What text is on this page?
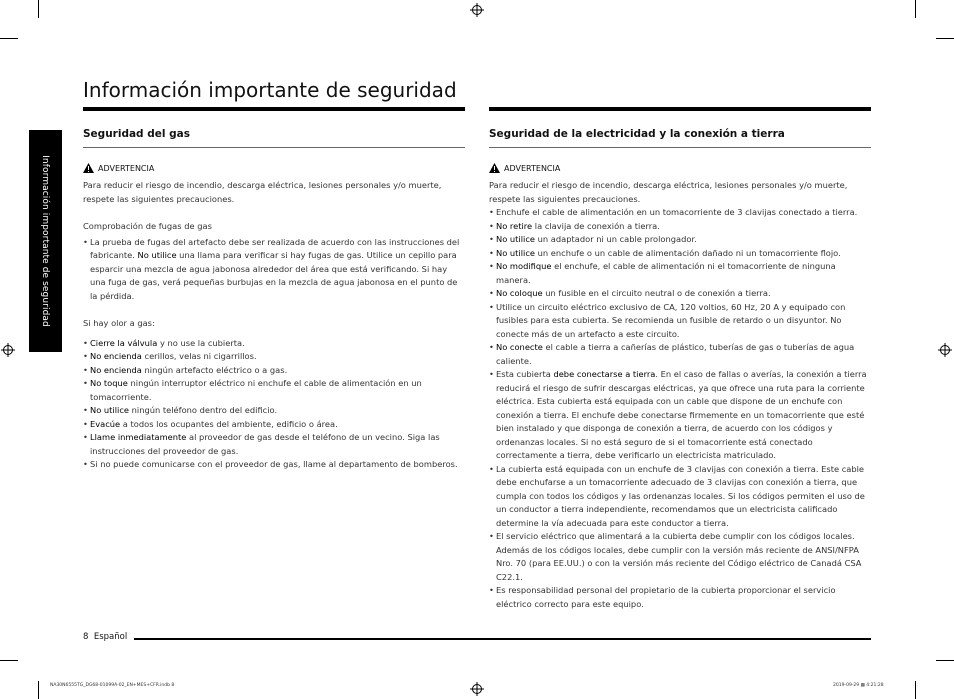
Información importante de seguridad
Información importante de seguridad
Seguridad del gas
ADVERTENCIA

Para reducir el riesgo de incendio, descarga eléctrica, lesiones personales y/o muerte, respete las siguientes precauciones.

Comprobación de fugas de gas
• La prueba de fugas del artefacto debe ser realizada de acuerdo con las instrucciones del fabricante. No utilice una llama para verificar si hay fugas de gas. Utilice un cepillo para esparcir una mezcla de agua jabonosa alrededor del área que está verificando. Si hay una fuga de gas, verá pequeñas burbujas en la mezcla de agua jabonosa en el punto de la pérdida.
Si hay olor a gas:
• Cierre la válvula y no use la cubierta.
• No encienda cerillos, velas ni cigarrillos.
• No encienda ningún artefacto eléctrico o a gas.
• No toque ningún interruptor eléctrico ni enchufe el cable de alimentación en un tomacorriente.
• No utilice ningún teléfono dentro del edificio.
• Evacúe a todos los ocupantes del ambiente, edificio o área.
• Llame inmediatamente al proveedor de gas desde el teléfono de un vecino. Siga las instrucciones del proveedor de gas.
• Si no puede comunicarse con el proveedor de gas, llame al departamento de bomberos.
Seguridad de la electricidad y la conexión a tierra
ADVERTENCIA

Para reducir el riesgo de incendio, descarga eléctrica, lesiones personales y/o muerte, respete las siguientes precauciones.

• Enchufe el cable de alimentación en un tomacorriente de 3 clavijas conectado a tierra.
• No retire la clavija de conexión a tierra.
• No utilice un adaptador ni un cable prolongador.
• No utilice un enchufe o un cable de alimentación dañado ni un tomacorriente flojo.
• No modifique el enchufe, el cable de alimentación ni el tomacorriente de ninguna manera.
• No coloque un fusible en el circuito neutral o de conexión a tierra.
• Utilice un circuito eléctrico exclusivo de CA, 120 voltios, 60 Hz, 20 A y equipado con fusibles para esta cubierta. Se recomienda un fusible de retardo o un disyuntor. No conecte más de un artefacto a este circuito.
• No conecte el cable a tierra a cañerías de plástico, tuberías de gas o tuberías de agua caliente.
• Esta cubierta debe conectarse a tierra. En el caso de fallas o averías, la conexión a tierra reducirá el riesgo de sufrir descargas eléctricas, ya que ofrece una ruta para la corriente eléctrica. Esta cubierta está equipada con un cable que dispone de un enchufe con conexión a tierra. El enchufe debe conectarse firmemente en un tomacorriente que esté bien instalado y que disponga de conexión a tierra, de acuerdo con los códigos y ordenanzas locales. Si no está seguro de si el tomacorriente está conectado correctamente a tierra, debe verificarlo un electricista matriculado.
• La cubierta está equipada con un enchufe de 3 clavijas con conexión a tierra. Este cable debe enchufarse a un tomacorriente adecuado de 3 clavijas con conexión a tierra, que cumpla con todos los códigos y las ordenanzas locales. Si los códigos permiten el uso de un conductor a tierra independiente, recomendamos que un electricista calificado determine la vía adecuada para este conductor a tierra.
• El servicio eléctrico que alimentará a la cubierta debe cumplir con los códigos locales. Además de los códigos locales, debe cumplir con la versión más reciente de ANSI/NFPA Nro. 70 (para EE.UU.) o con la versión más reciente del Código eléctrico de Canadá CSA C22.1.
• Es responsabilidad personal del propietario de la cubierta proporcionar el servicio eléctrico correcto para este equipo.
8 Español
NA30N6555TG_DG68-01099A-02_EN+MES+CFR.indb 8	2019-09-29 ▩ 4:21:28
